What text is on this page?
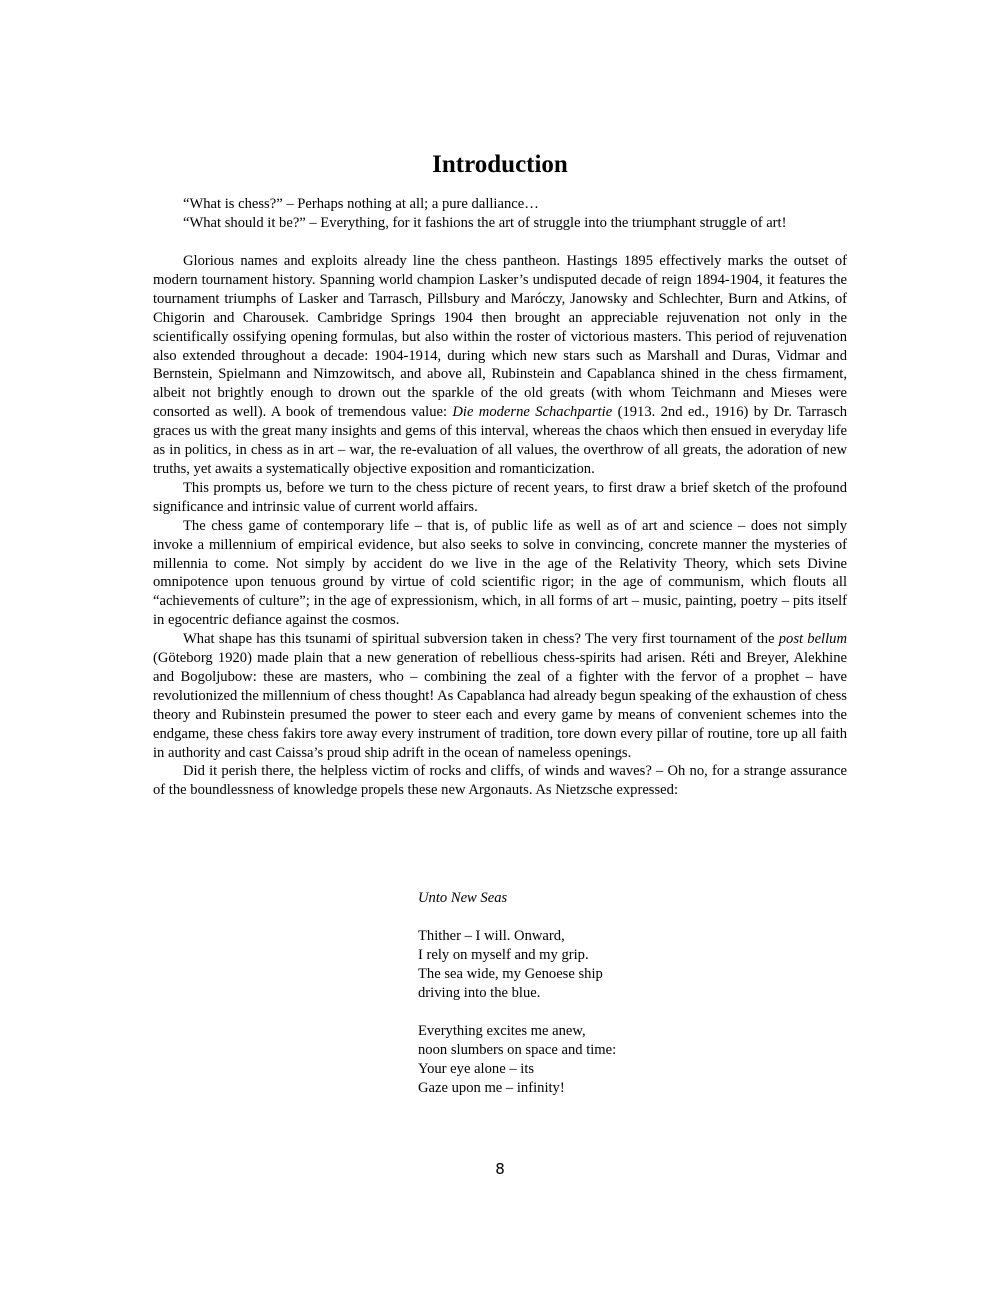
Introduction

“What is chess?” – Perhaps nothing at all; a pure dalliance…

“What should it be?” – Everything, for it fashions the art of struggle into the triumphant struggle of art!

Glorious names and exploits already line the chess pantheon. Hastings 1895 effectively marks the outset of modern tournament history. Spanning world champion Lasker’s undisputed decade of reign 1894-1904, it features the tournament triumphs of Lasker and Tarrasch, Pillsbury and Maróczy, Janowsky and Schlechter, Burn and Atkins, of Chigorin and Charousek. Cambridge Springs 1904 then brought an appreciable rejuvenation not only in the scientifically ossifying opening formulas, but also within the roster of victorious masters. This period of rejuvenation also extended throughout a decade: 1904-1914, during which new stars such as Marshall and Duras, Vidmar and Bernstein, Spielmann and Nimzowitsch, and above all, Rubinstein and Capablanca shined in the chess firmament, albeit not brightly enough to drown out the sparkle of the old greats (with whom Teichmann and Mieses were consorted as well). A book of tremendous value: Die moderne Schachpartie (1913. 2nd ed., 1916) by Dr. Tarrasch graces us with the great many insights and gems of this interval, whereas the chaos which then ensued in everyday life as in politics, in chess as in art – war, the re-evaluation of all values, the overthrow of all greats, the adoration of new truths, yet awaits a systematically objective exposition and romanticization.

This prompts us, before we turn to the chess picture of recent years, to first draw a brief sketch of the profound significance and intrinsic value of current world affairs.

The chess game of contemporary life – that is, of public life as well as of art and science – does not simply invoke a millennium of empirical evidence, but also seeks to solve in convincing, concrete manner the mysteries of millennia to come. Not simply by accident do we live in the age of the Relativity Theory, which sets Divine omnipotence upon tenuous ground by virtue of cold scientific rigor; in the age of communism, which flouts all “achievements of culture”; in the age of expressionism, which, in all forms of art – music, painting, poetry – pits itself in egocentric defiance against the cosmos.

What shape has this tsunami of spiritual subversion taken in chess? The very first tournament of the post bellum (Göteborg 1920) made plain that a new generation of rebellious chess-spirits had arisen. Réti and Breyer, Alekhine and Bogoljubow: these are masters, who – combining the zeal of a fighter with the fervor of a prophet – have revolutionized the millennium of chess thought! As Capablanca had already begun speaking of the exhaustion of chess theory and Rubinstein presumed the power to steer each and every game by means of convenient schemes into the endgame, these chess fakirs tore away every instrument of tradition, tore down every pillar of routine, tore up all faith in authority and cast Caissa’s proud ship adrift in the ocean of nameless openings.

Did it perish there, the helpless victim of rocks and cliffs, of winds and waves? – Oh no, for a strange assurance of the boundlessness of knowledge propels these new Argonauts. As Nietzsche expressed:

Unto New Seas
Thither – I will. Onward,
I rely on myself and my grip.
The sea wide, my Genoese ship
driving into the blue.
Everything excites me anew,
noon slumbers on space and time:
Your eye alone – its
Gaze upon me – infinity!
8
